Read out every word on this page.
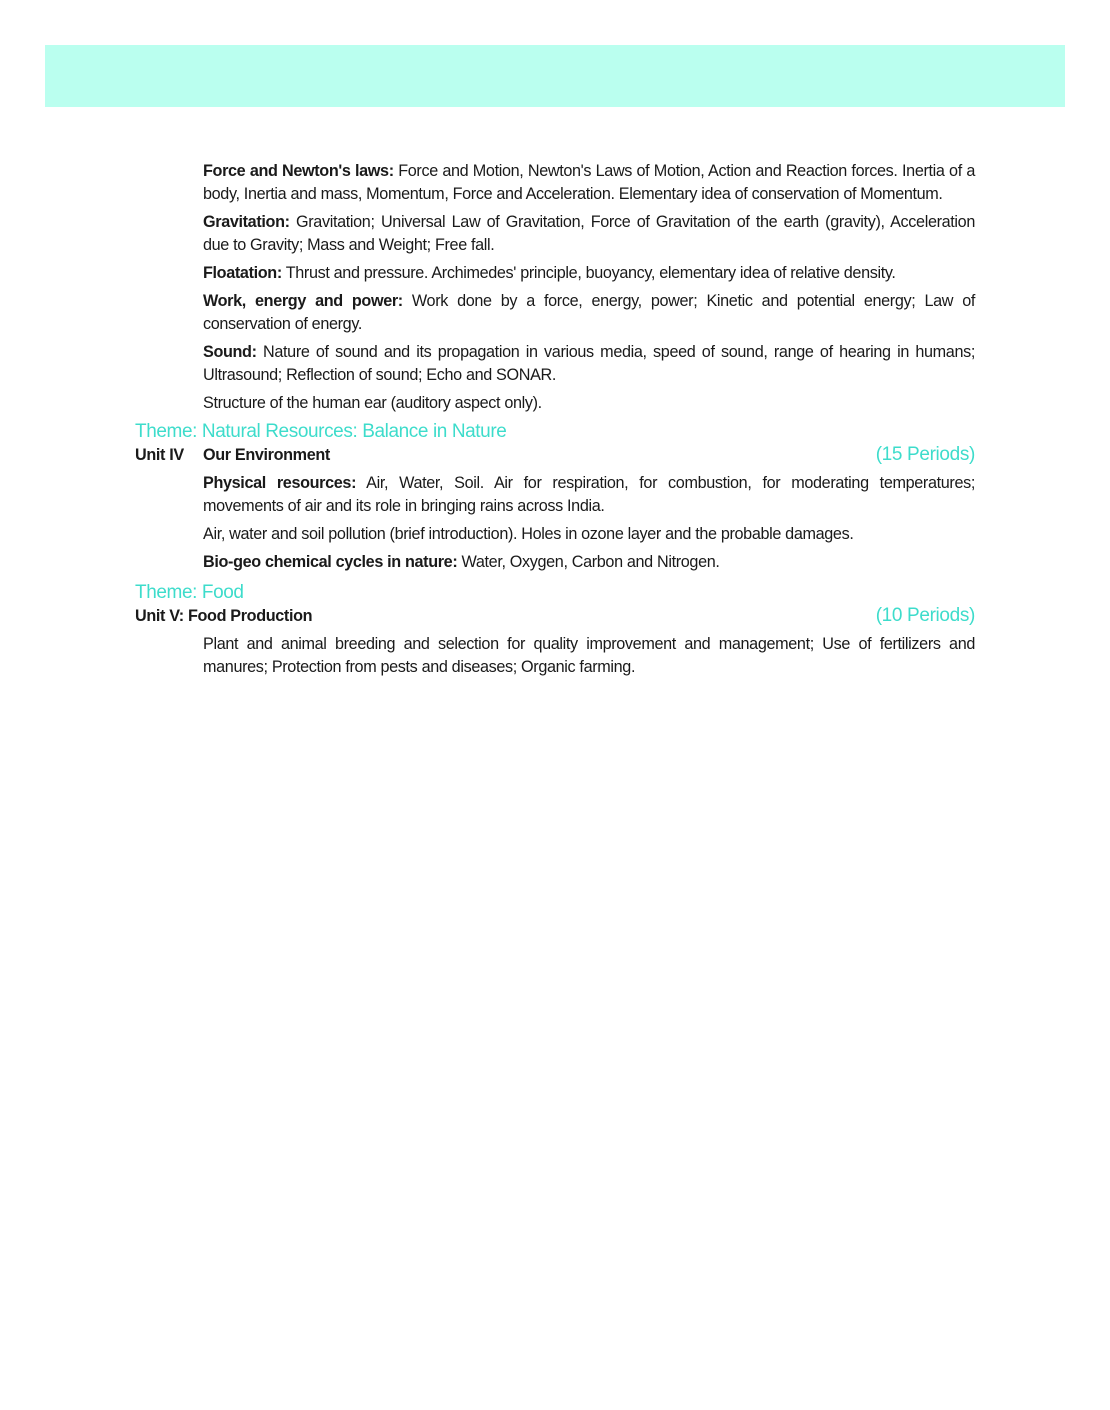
Force and Newton's laws: Force and Motion, Newton's Laws of Motion, Action and Reaction forces. Inertia of a body, Inertia and mass, Momentum, Force and Acceleration. Elementary idea of conservation of Momentum.

Gravitation: Gravitation; Universal Law of Gravitation, Force of Gravitation of the earth (gravity), Acceleration due to Gravity; Mass and Weight; Free fall.

Floatation: Thrust and pressure. Archimedes' principle, buoyancy, elementary idea of relative density.

Work, energy and power: Work done by a force, energy, power; Kinetic and potential energy; Law of conservation of energy.

Sound: Nature of sound and its propagation in various media, speed of sound, range of hearing in humans; Ultrasound; Reflection of sound; Echo and SONAR.

Structure of the human ear (auditory aspect only).

Theme: Natural Resources: Balance in Nature

Unit IV	Our Environment	(15 Periods)

Physical resources: Air, Water, Soil. Air for respiration, for combustion, for moderating temperatures; movements of air and its role in bringing rains across India.

Air, water and soil pollution (brief introduction). Holes in ozone layer and the probable damages.

Bio-geo chemical cycles in nature: Water, Oxygen, Carbon and Nitrogen.

Theme: Food

Unit V: Food Production	(10 Periods)

Plant and animal breeding and selection for quality improvement and management; Use of fertilizers and manures; Protection from pests and diseases; Organic farming.
